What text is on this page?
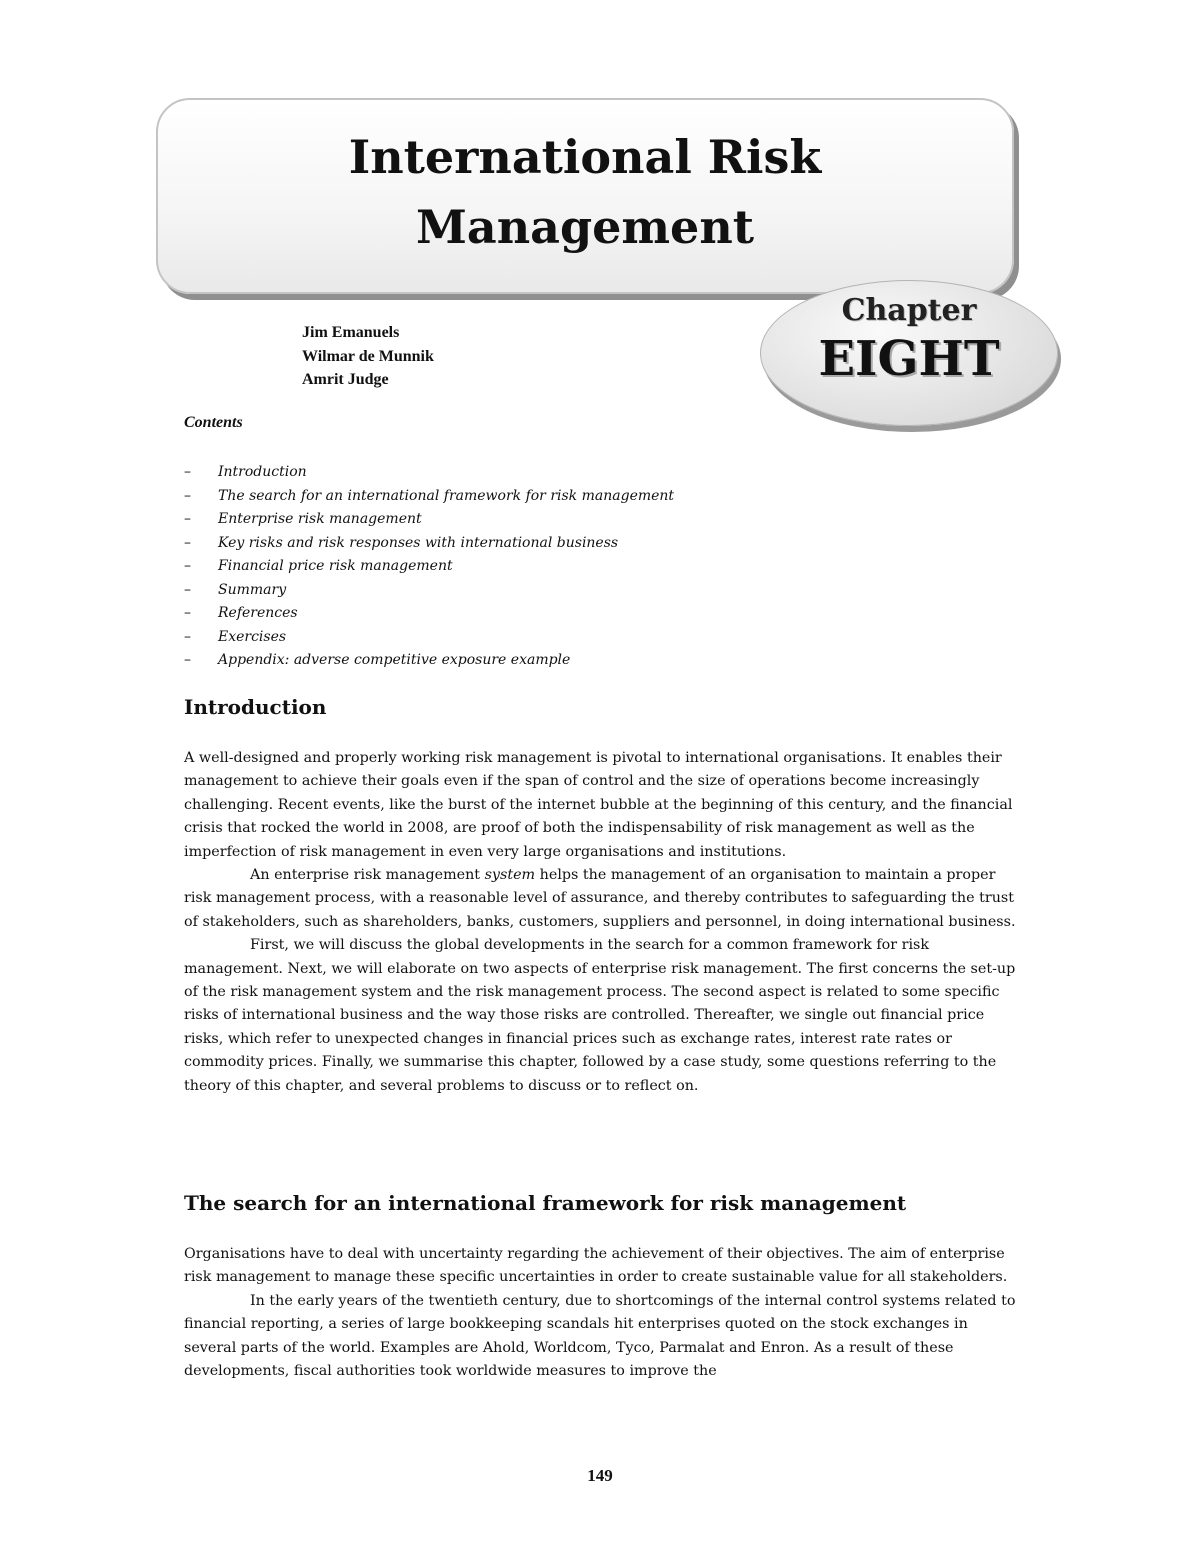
International Risk
Management
Chapter
EIGHT
Jim Emanuels
Wilmar de Munnik
Amrit Judge
Contents
– Introduction
– The search for an international framework for risk management
– Enterprise risk management
– Key risks and risk responses with international business
– Financial price risk management
– Summary
– References
– Exercises
– Appendix: adverse competitive exposure example
Introduction

A well-designed and properly working risk management is pivotal to international organisations. It enables their management to achieve their goals even if the span of control and the size of operations become increasingly challenging. Recent events, like the burst of the internet bubble at the beginning of this century, and the financial crisis that rocked the world in 2008, are proof of both the indispensability of risk management as well as the imperfection of risk management in even very large organisations and institutions.

An enterprise risk management system helps the management of an organisation to maintain a proper risk management process, with a reasonable level of assurance, and thereby contributes to safeguarding the trust of stakeholders, such as shareholders, banks, customers, suppliers and personnel, in doing international business.

First, we will discuss the global developments in the search for a common framework for risk management. Next, we will elaborate on two aspects of enterprise risk management. The first concerns the set-up of the risk management system and the risk management process. The second aspect is related to some specific risks of international business and the way those risks are controlled. Thereafter, we single out financial price risks, which refer to unexpected changes in financial prices such as exchange rates, interest rate rates or commodity prices. Finally, we summarise this chapter, followed by a case study, some questions referring to the theory of this chapter, and several problems to discuss or to reflect on.

The search for an international framework for risk management

Organisations have to deal with uncertainty regarding the achievement of their objectives. The aim of enterprise risk management to manage these specific uncertainties in order to create sustainable value for all stakeholders.

In the early years of the twentieth century, due to shortcomings of the internal control systems related to financial reporting, a series of large bookkeeping scandals hit enterprises quoted on the stock exchanges in several parts of the world. Examples are Ahold, Worldcom, Tyco, Parmalat and Enron. As a result of these developments, fiscal authorities took worldwide measures to improve the

149
